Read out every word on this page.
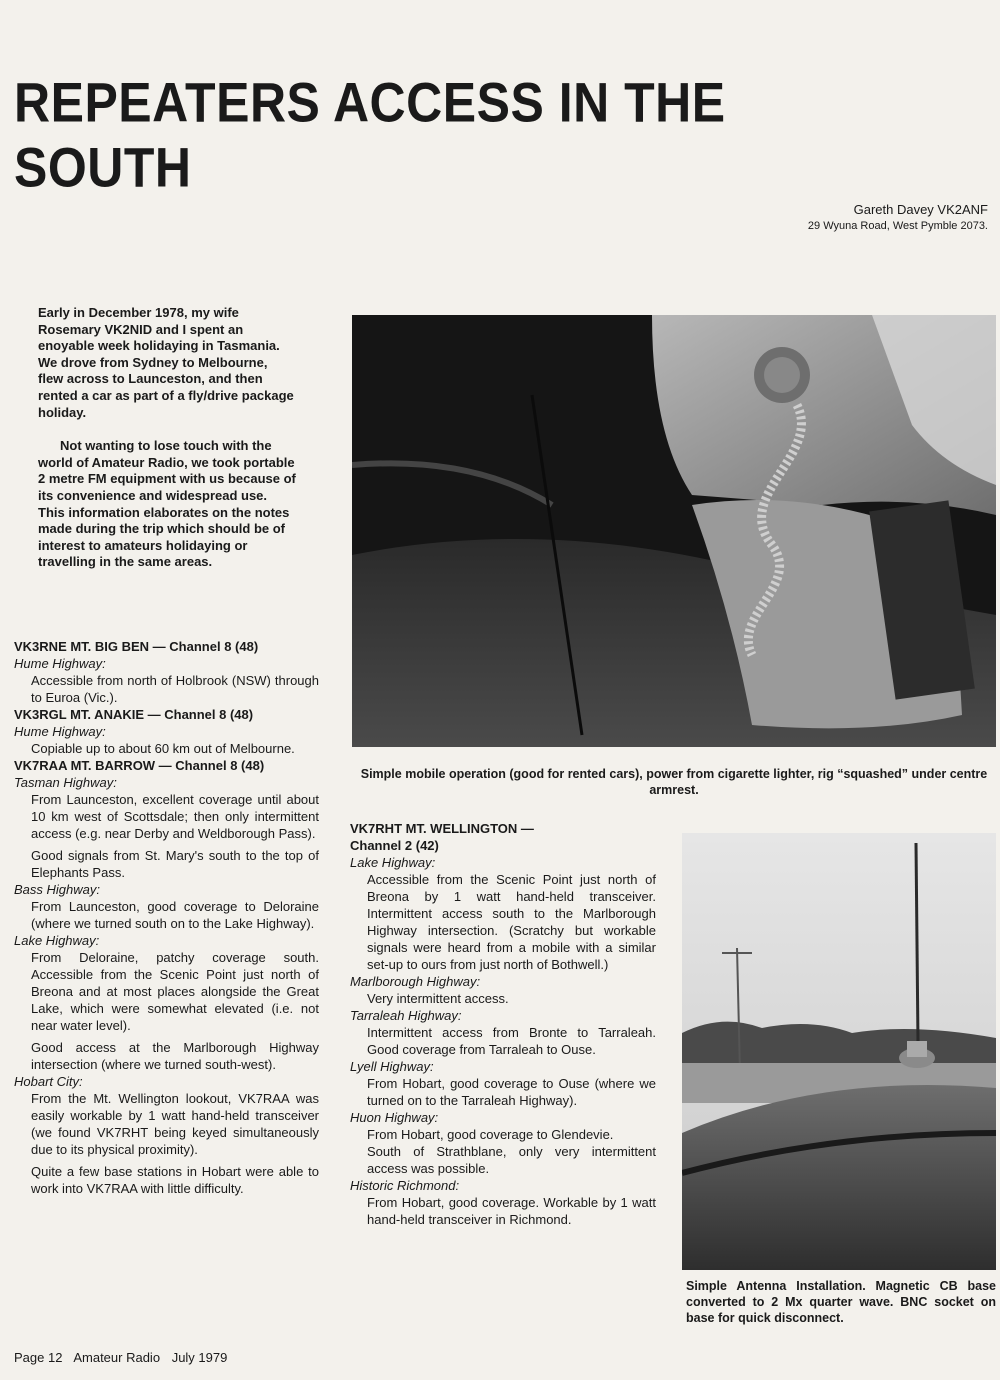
REPEATERS ACCESS IN THE SOUTH
Gareth Davey VK2ANF
29 Wyuna Road, West Pymble 2073.

Early in December 1978, my wife Rosemary VK2NID and I spent an enoyable week holidaying in Tasmania. We drove from Sydney to Melbourne, flew across to Launceston, and then rented a car as part of a fly/drive package holiday.

Not wanting to lose touch with the world of Amateur Radio, we took portable 2 metre FM equipment with us because of its convenience and widespread use. This information elaborates on the notes made during the trip which should be of interest to amateurs holidaying or travelling in the same areas.

Simple mobile operation (good for rented cars), power from cigarette lighter, rig “squashed” under centre armrest.
Simple Antenna Installation. Magnetic CB base converted to 2 Mx quarter wave. BNC socket on base for quick disconnect.

VK3RNE MT. BIG BEN — Channel 8 (48)

Hume Highway:

Accessible from north of Holbrook (NSW) through to Euroa (Vic.).

VK3RGL MT. ANAKIE — Channel 8 (48)

Hume Highway:

Copiable up to about 60 km out of Melbourne.

VK7RAA MT. BARROW — Channel 8 (48)

Tasman Highway:

From Launceston, excellent coverage until about 10 km west of Scottsdale; then only intermittent access (e.g. near Derby and Weldborough Pass).

Good signals from St. Mary's south to the top of Elephants Pass.

Bass Highway:

From Launceston, good coverage to Deloraine (where we turned south on to the Lake Highway).

Lake Highway:

From Deloraine, patchy coverage south. Accessible from the Scenic Point just north of Breona and at most places alongside the Great Lake, which were somewhat elevated (i.e. not near water level).

Good access at the Marlborough Highway intersection (where we turned south-west).

Hobart City:

From the Mt. Wellington lookout, VK7RAA was easily workable by 1 watt hand-held transceiver (we found VK7RHT being keyed simultaneously due to its physical proximity).

Quite a few base stations in Hobart were able to work into VK7RAA with little difficulty.

VK7RHT MT. WELLINGTON —

Channel 2 (42)

Lake Highway:

Accessible from the Scenic Point just north of Breona by 1 watt hand-held transceiver. Intermittent access south to the Marlborough Highway intersection. (Scratchy but workable signals were heard from a mobile with a similar set-up to ours from just north of Bothwell.)

Marlborough Highway:

Very intermittent access.

Tarraleah Highway:

Intermittent access from Bronte to Tarraleah. Good coverage from Tarraleah to Ouse.

Lyell Highway:

From Hobart, good coverage to Ouse (where we turned on to the Tarraleah Highway).

Huon Highway:

From Hobart, good coverage to Glendevie.

South of Strathblane, only very intermittent access was possible.

Historic Richmond:

From Hobart, good coverage. Workable by 1 watt hand-held transceiver in Richmond.

Page 12 Amateur Radio July 1979
